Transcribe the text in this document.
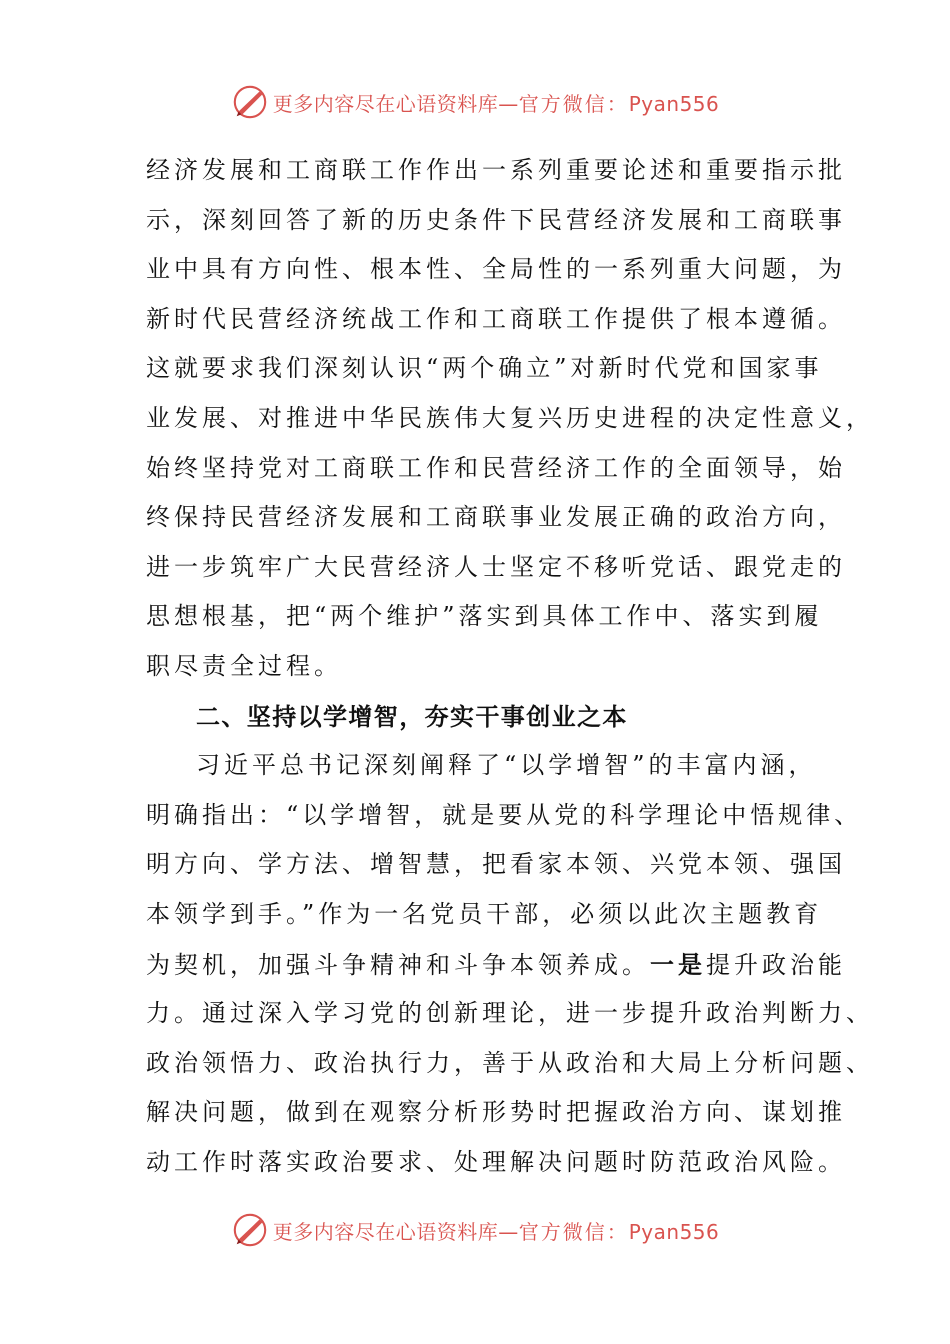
更多内容尽在心语资料库—官方微信：Pyan556
经济发展和工商联工作作出一系列重要论述和重要指示批
示，深刻回答了新的历史条件下民营经济发展和工商联事
业中具有方向性、根本性、全局性的一系列重大问题，为
新时代民营经济统战工作和工商联工作提供了根本遵循。
这就要求我们深刻认识“两个确立”对新时代党和国家事
业发展、对推进中华民族伟大复兴历史进程的决定性意义，
始终坚持党对工商联工作和民营经济工作的全面领导，始
终保持民营经济发展和工商联事业发展正确的政治方向，
进一步筑牢广大民营经济人士坚定不移听党话、跟党走的
思想根基，把“两个维护”落实到具体工作中、落实到履
职尽责全过程。
二、坚持以学增智，夯实干事创业之本
习近平总书记深刻阐释了“以学增智”的丰富内涵，
明确指出：“以学增智，就是要从党的科学理论中悟规律、
明方向、学方法、增智慧，把看家本领、兴党本领、强国
本领学到手。”作为一名党员干部，必须以此次主题教育
为契机，加强斗争精神和斗争本领养成。一是提升政治能
力。通过深入学习党的创新理论，进一步提升政治判断力、
政治领悟力、政治执行力，善于从政治和大局上分析问题、
解决问题，做到在观察分析形势时把握政治方向、谋划推
动工作时落实政治要求、处理解决问题时防范政治风险。
更多内容尽在心语资料库—官方微信：Pyan556
